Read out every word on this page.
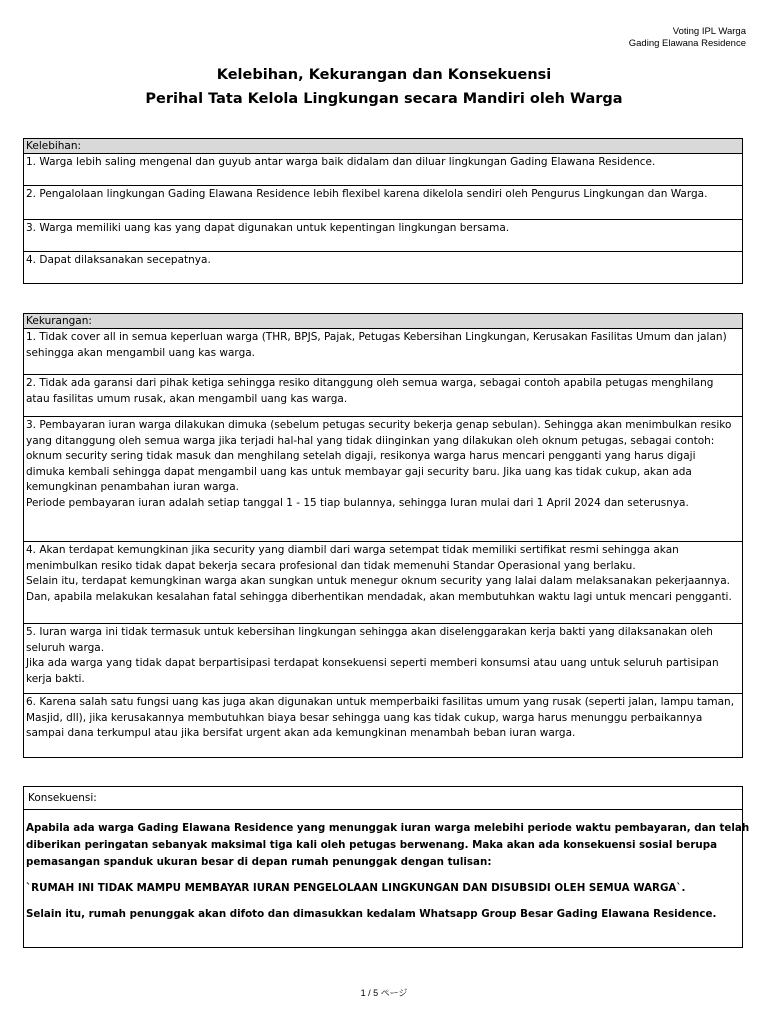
Voting IPL Warga
Gading Elawana Residence
Kelebihan, Kekurangan dan Konsekuensi
Perihal Tata Kelola Lingkungan secara Mandiri oleh Warga
Kelebihan:
1. Warga lebih saling mengenal dan guyub antar warga baik didalam dan diluar lingkungan Gading Elawana Residence.
2. Pengalolaan lingkungan Gading Elawana Residence lebih flexibel karena dikelola sendiri oleh Pengurus Lingkungan dan Warga.
3. Warga memiliki uang kas yang dapat digunakan untuk kepentingan lingkungan bersama.
4. Dapat dilaksanakan secepatnya.
Kekurangan:
1. Tidak cover all in semua keperluan warga (THR, BPJS, Pajak, Petugas Kebersihan Lingkungan, Kerusakan Fasilitas Umum dan jalan)
sehingga akan mengambil uang kas warga.
2. Tidak ada garansi dari pihak ketiga sehingga resiko ditanggung oleh semua warga, sebagai contoh apabila petugas menghilang
atau fasilitas umum rusak, akan mengambil uang kas warga.
3. Pembayaran iuran warga dilakukan dimuka (sebelum petugas security bekerja genap sebulan). Sehingga akan menimbulkan resiko
yang ditanggung oleh semua warga jika terjadi hal-hal yang tidak diinginkan yang dilakukan oleh oknum petugas, sebagai contoh:
oknum security sering tidak masuk dan menghilang setelah digaji, resikonya warga harus mencari pengganti yang harus digaji
dimuka kembali sehingga dapat mengambil uang kas untuk membayar gaji security baru. Jika uang kas tidak cukup, akan ada
kemungkinan penambahan iuran warga.
Periode pembayaran iuran adalah setiap tanggal 1 - 15 tiap bulannya, sehingga Iuran mulai dari 1 April 2024 dan seterusnya.
4. Akan terdapat kemungkinan jika security yang diambil dari warga setempat tidak memiliki sertifikat resmi sehingga akan
menimbulkan resiko tidak dapat bekerja secara profesional dan tidak memenuhi Standar Operasional yang berlaku.
Selain itu, terdapat kemungkinan warga akan sungkan untuk menegur oknum security yang lalai dalam melaksanakan pekerjaannya.
Dan, apabila melakukan kesalahan fatal sehingga diberhentikan mendadak, akan membutuhkan waktu lagi untuk mencari pengganti.
5. Iuran warga ini tidak termasuk untuk kebersihan lingkungan sehingga akan diselenggarakan kerja bakti yang dilaksanakan oleh
seluruh warga.
Jika ada warga yang tidak dapat berpartisipasi terdapat konsekuensi seperti memberi konsumsi atau uang untuk seluruh partisipan
kerja bakti.
6. Karena salah satu fungsi uang kas juga akan digunakan untuk memperbaiki fasilitas umum yang rusak (seperti jalan, lampu taman,
Masjid, dll), jika kerusakannya membutuhkan biaya besar sehingga uang kas tidak cukup, warga harus menunggu perbaikannya
sampai dana terkumpul atau jika bersifat urgent akan ada kemungkinan menambah beban iuran warga.
Konsekuensi:
Apabila ada warga Gading Elawana Residence yang menunggak iuran warga melebihi periode waktu pembayaran, dan telah
diberikan peringatan sebanyak maksimal tiga kali oleh petugas berwenang. Maka akan ada konsekuensi sosial berupa
pemasangan spanduk ukuran besar di depan rumah penunggak dengan tulisan:
`RUMAH INI TIDAK MAMPU MEMBAYAR IURAN PENGELOLAAN LINGKUNGAN DAN DISUBSIDI OLEH SEMUA WARGA`.
Selain itu, rumah penunggak akan difoto dan dimasukkan kedalam Whatsapp Group Besar Gading Elawana Residence.
1 / 5 ページ
